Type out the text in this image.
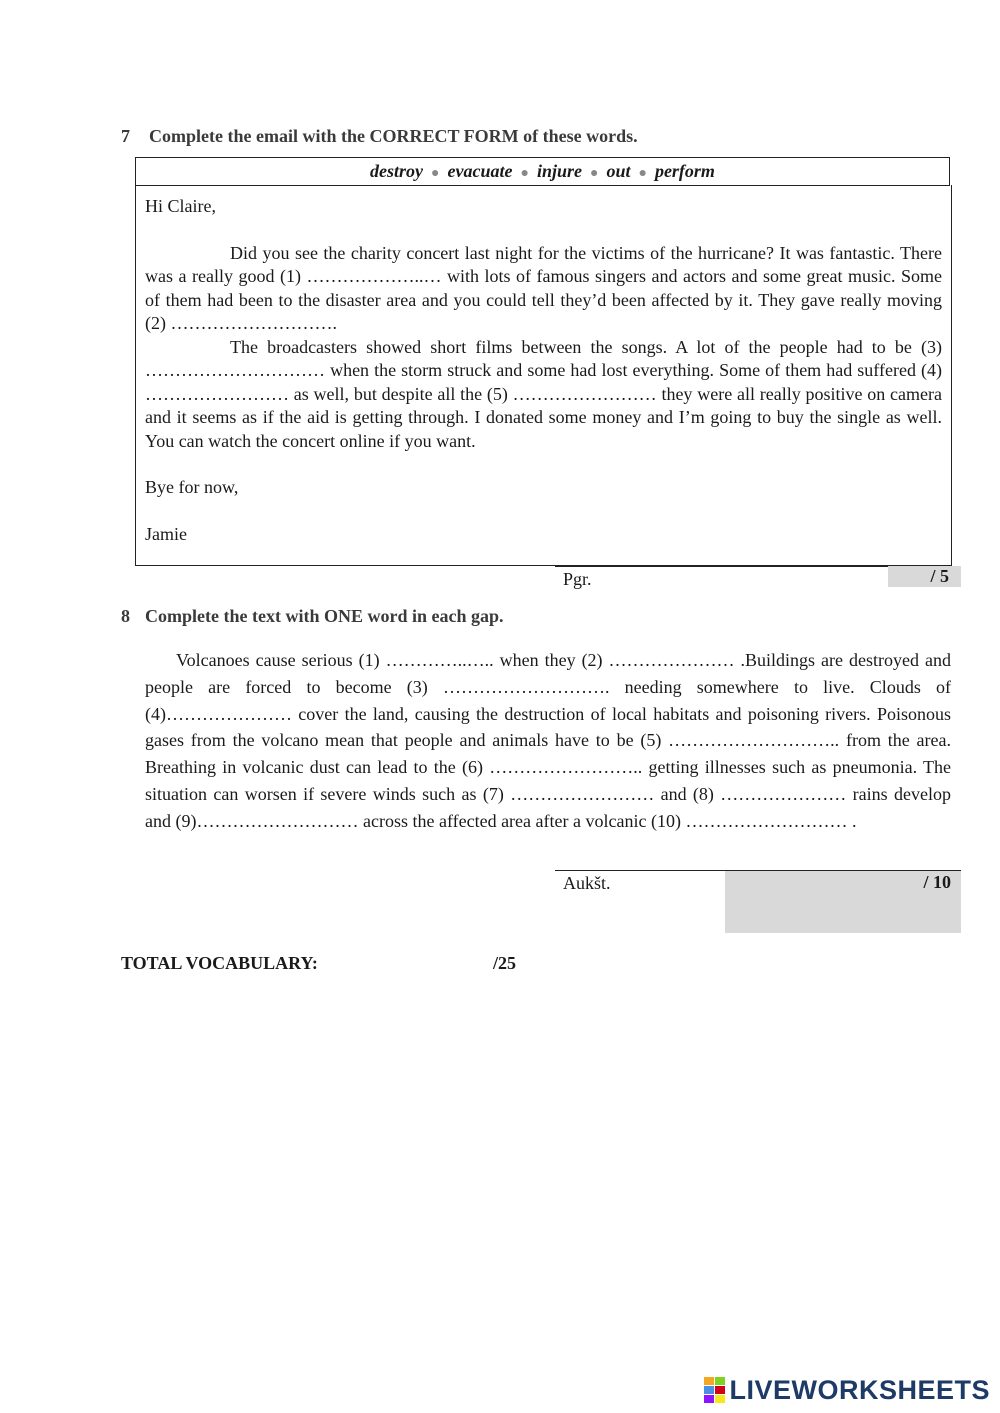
7 Complete the email with the CORRECT FORM of these words.
destroy ● evacuate ● injure ● out ● perform

Hi Claire,

Did you see the charity concert last night for the victims of the hurricane? It was fantastic. There was a really good (1) ………………..… with lots of famous singers and actors and some great music. Some of them had been to the disaster area and you could tell they’d been affected by it. They gave really moving (2) ……………………….

The broadcasters showed short films between the songs. A lot of the people had to be (3) ………………………… when the storm struck and some had lost everything. Some of them had suffered (4) …………………… as well, but despite all the (5) …………………… they were all really positive on camera and it seems as if the aid is getting through. I donated some money and I’m going to buy the single as well. You can watch the concert online if you want.

Bye for now,

Jamie

Pgr.	/ 5
8 Complete the text with ONE word in each gap.

Volcanoes cause serious (1) …………..….. when they (2) ………………… .Buildings are destroyed and people are forced to become (3) ………………………. needing somewhere to live. Clouds of (4)………………… cover the land, causing the destruction of local habitats and poisoning rivers. Poisonous gases from the volcano mean that people and animals have to be (5) ……………………….. from the area. Breathing in volcanic dust can lead to the (6) …………………….. getting illnesses such as pneumonia. The situation can worsen if severe winds such as (7) …………………… and (8) ………………… rains develop and (9)……………………… across the affected area after a volcanic (10) ……………………… .

Aukšt.	/ 10
TOTAL VOCABULARY:	/25
LIVEWORKSHEETS
